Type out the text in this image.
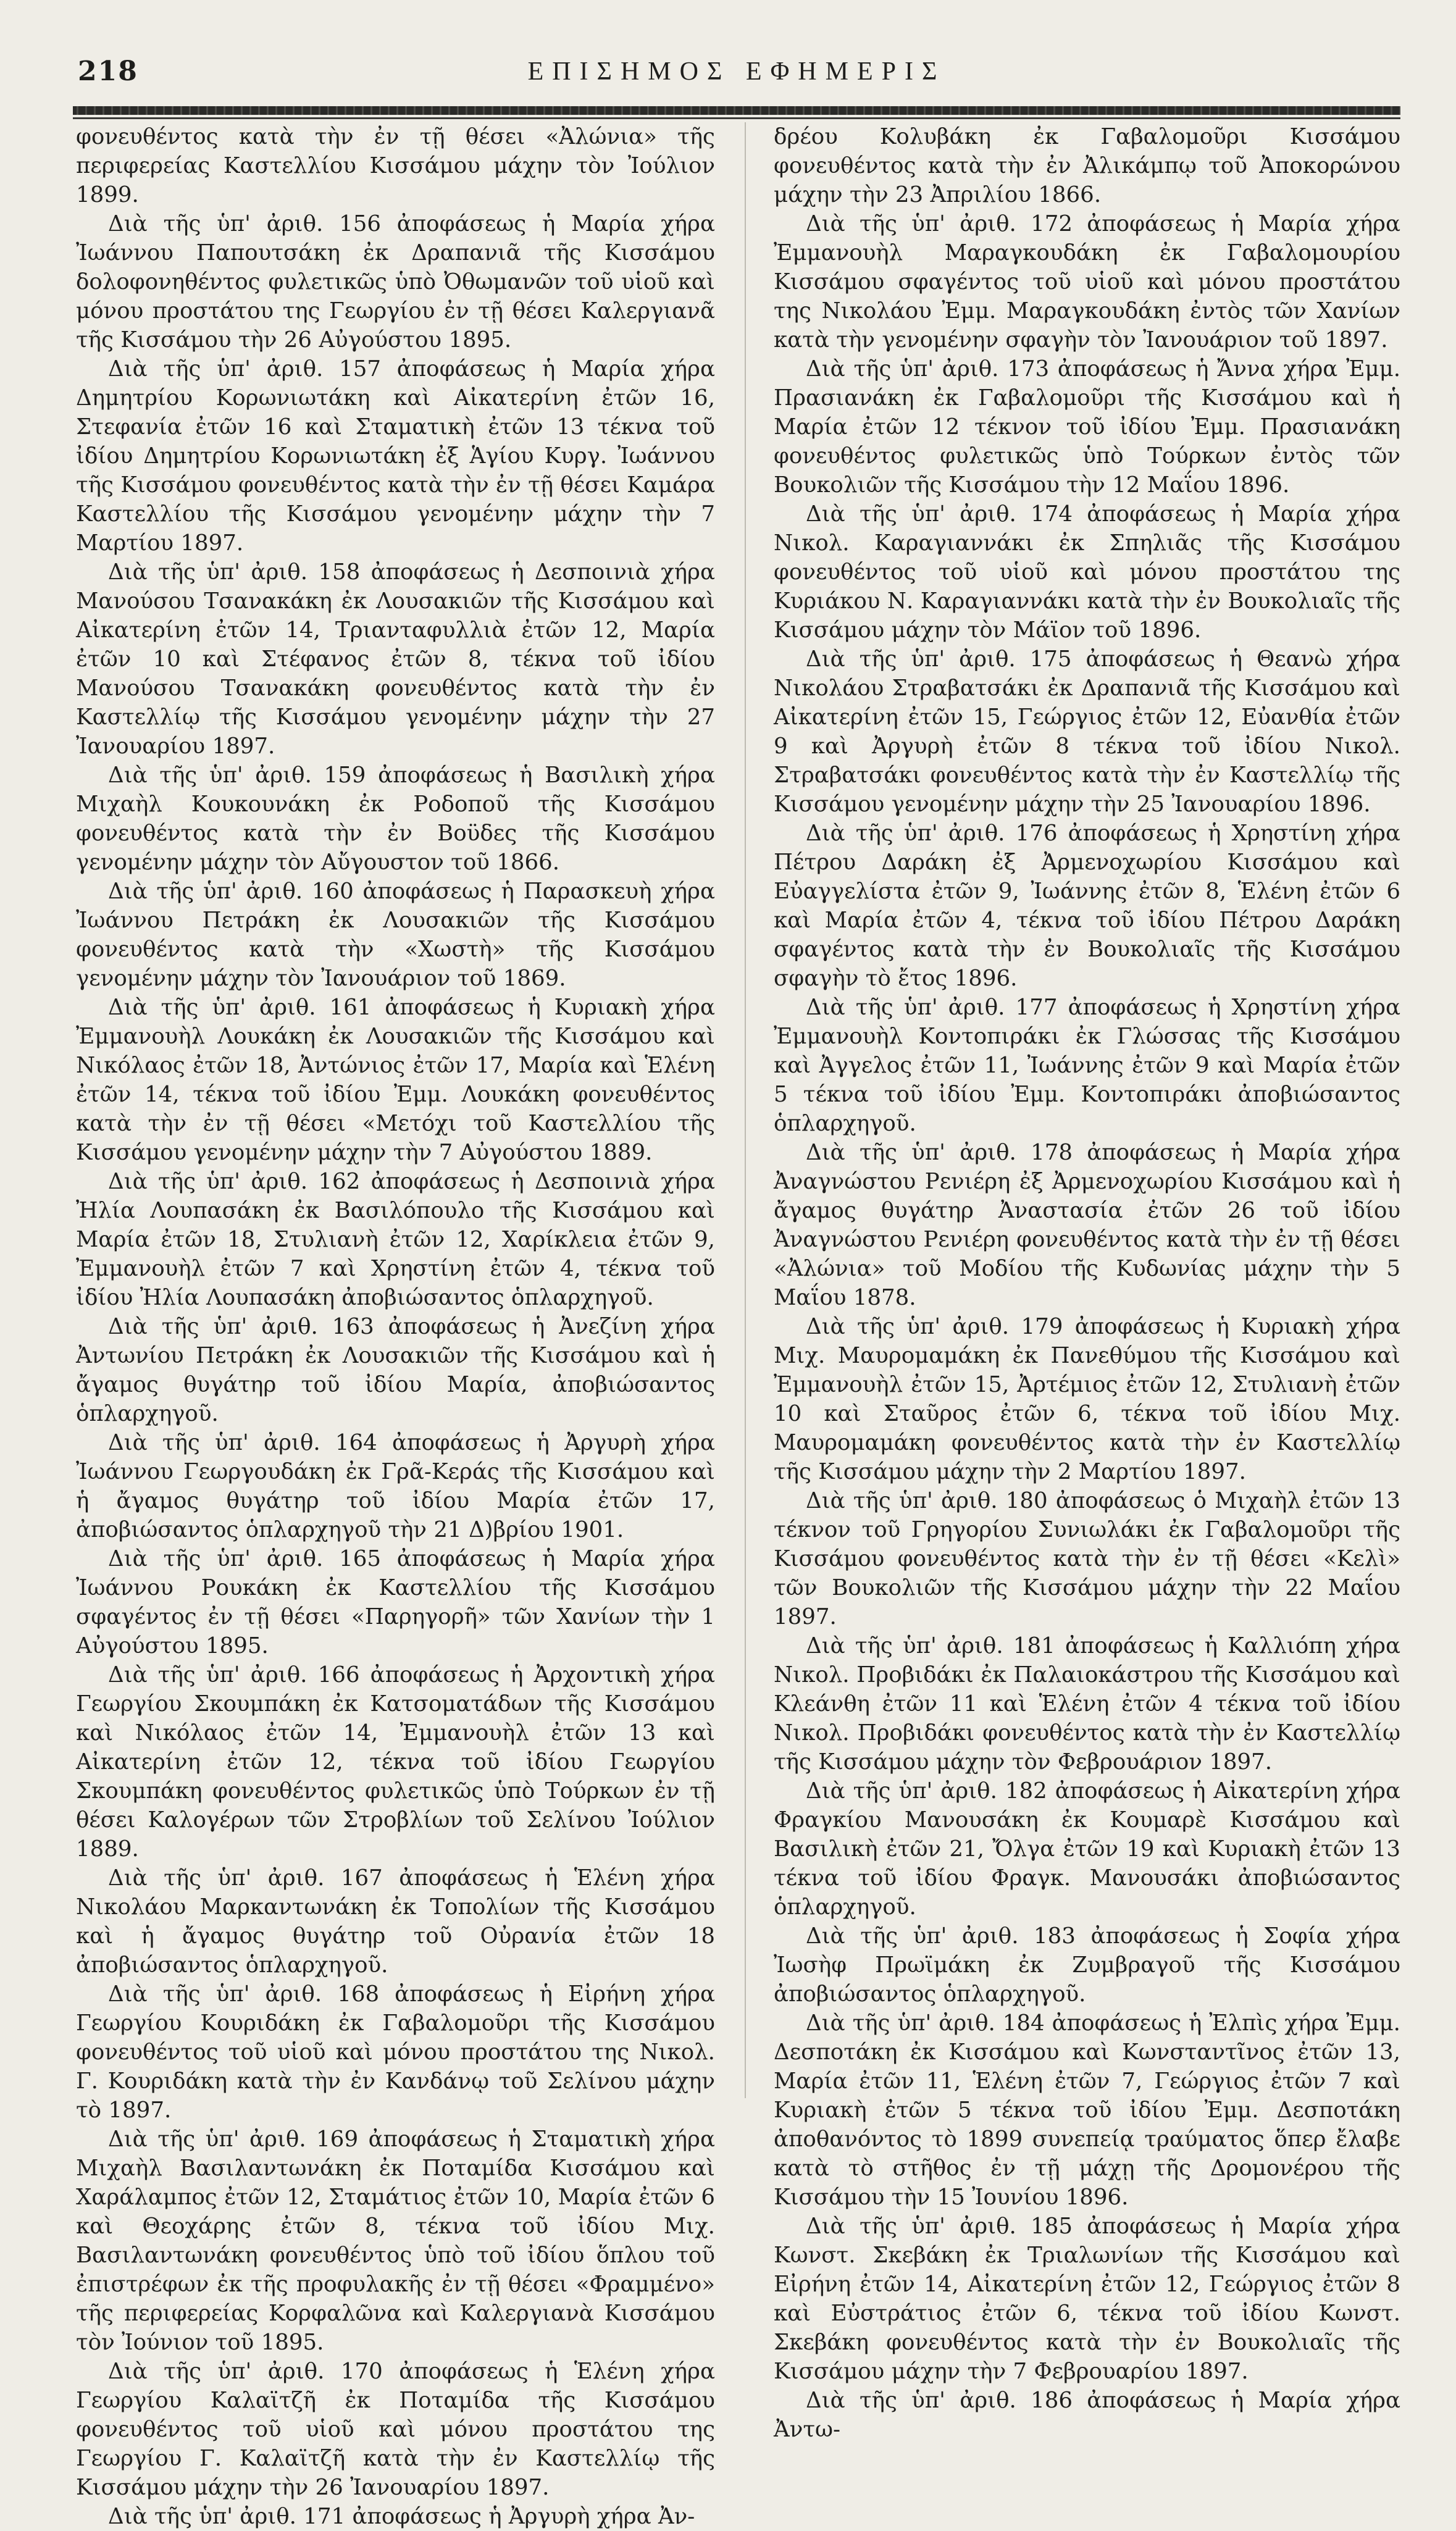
218	ΕΠΙΣΗΜΟΣ ΕΦΗΜΕΡΙΣ

φονευθέντος κατὰ τὴν ἐν τῇ θέσει «Ἀλώνια» τῆς περιφερείας Καστελλίου Κισσάμου μάχην τὸν Ἰούλιον 1899.

Διὰ τῆς ὑπ' ἀριθ. 156 ἀποφάσεως ἡ Μαρία χήρα Ἰωάννου Παπουτσάκη ἐκ Δραπανιᾶ τῆς Κισσάμου δολοφονηθέντος φυλετικῶς ὑπὸ Ὀθωμανῶν τοῦ υἱοῦ καὶ μόνου προστάτου της Γεωργίου ἐν τῇ θέσει Καλεργιανᾶ τῆς Κισσάμου τὴν 26 Αὐγούστου 1895.

Διὰ τῆς ὑπ' ἀριθ. 157 ἀποφάσεως ἡ Μαρία χήρα Δημητρίου Κορωνιωτάκη καὶ Αἰκατερίνη ἐτῶν 16, Στεφανία ἐτῶν 16 καὶ Σταματικὴ ἐτῶν 13 τέκνα τοῦ ἰδίου Δημητρίου Κορωνιωτάκη ἐξ Ἁγίου Κυργ. Ἰωάννου τῆς Κισσάμου φονευθέντος κατὰ τὴν ἐν τῇ θέσει Καμάρα Καστελλίου τῆς Κισσάμου γενομένην μάχην τὴν 7 Μαρτίου 1897.

Διὰ τῆς ὑπ' ἀριθ. 158 ἀποφάσεως ἡ Δεσποινιὰ χήρα Μανούσου Τσανακάκη ἐκ Λουσακιῶν τῆς Κισσάμου καὶ Αἰκατερίνη ἐτῶν 14, Τριανταφυλλιὰ ἐτῶν 12, Μαρία ἐτῶν 10 καὶ Στέφανος ἐτῶν 8, τέκνα τοῦ ἰδίου Μανούσου Τσανακάκη φονευθέντος κατὰ τὴν ἐν Καστελλίῳ τῆς Κισσάμου γενομένην μάχην τὴν 27 Ἰανουαρίου 1897.

Διὰ τῆς ὑπ' ἀριθ. 159 ἀποφάσεως ἡ Βασιλικὴ χήρα Μιχαὴλ Κουκουνάκη ἐκ Ροδοποῦ τῆς Κισσάμου φονευθέντος κατὰ τὴν ἐν Βοϋδες τῆς Κισσάμου γενομένην μάχην τὸν Αὔγουστον τοῦ 1866.

Διὰ τῆς ὑπ' ἀριθ. 160 ἀποφάσεως ἡ Παρασκευὴ χήρα Ἰωάννου Πετράκη ἐκ Λουσακιῶν τῆς Κισσάμου φονευθέντος κατὰ τὴν «Χωστὴ» τῆς Κισσάμου γενομένην μάχην τὸν Ἰανουάριον τοῦ 1869.

Διὰ τῆς ὑπ' ἀριθ. 161 ἀποφάσεως ἡ Κυριακὴ χήρα Ἐμμανουὴλ Λουκάκη ἐκ Λουσακιῶν τῆς Κισσάμου καὶ Νικόλαος ἐτῶν 18, Ἀντώνιος ἐτῶν 17, Μαρία καὶ Ἑλένη ἐτῶν 14, τέκνα τοῦ ἰδίου Ἐμμ. Λουκάκη φονευθέντος κατὰ τὴν ἐν τῇ θέσει «Μετόχι τοῦ Καστελλίου τῆς Κισσάμου γενομένην μάχην τὴν 7 Αὐγούστου 1889.

Διὰ τῆς ὑπ' ἀριθ. 162 ἀποφάσεως ἡ Δεσποινιὰ χήρα Ἠλία Λουπασάκη ἐκ Βασιλόπουλο τῆς Κισσάμου καὶ Μαρία ἐτῶν 18, Στυλιανὴ ἐτῶν 12, Χαρίκλεια ἐτῶν 9, Ἐμμανουὴλ ἐτῶν 7 καὶ Χρηστίνη ἐτῶν 4, τέκνα τοῦ ἰδίου Ἠλία Λουπασάκη ἀποβιώσαντος ὁπλαρχηγοῦ.

Διὰ τῆς ὑπ' ἀριθ. 163 ἀποφάσεως ἡ Ἀνεζίνη χήρα Ἀντωνίου Πετράκη ἐκ Λουσακιῶν τῆς Κισσάμου καὶ ἡ ἄγαμος θυγάτηρ τοῦ ἰδίου Μαρία, ἀποβιώσαντος ὁπλαρχηγοῦ.

Διὰ τῆς ὑπ' ἀριθ. 164 ἀποφάσεως ἡ Ἀργυρὴ χήρα Ἰωάννου Γεωργουδάκη ἐκ Γρᾶ-Κεράς τῆς Κισσάμου καὶ ἡ ἄγαμος θυγάτηρ τοῦ ἰδίου Μαρία ἐτῶν 17, ἀποβιώσαντος ὁπλαρχηγοῦ τὴν 21 Δ)βρίου 1901.

Διὰ τῆς ὑπ' ἀριθ. 165 ἀποφάσεως ἡ Μαρία χήρα Ἰωάννου Ρουκάκη ἐκ Καστελλίου τῆς Κισσάμου σφαγέντος ἐν τῇ θέσει «Παρηγορῆ» τῶν Χανίων τὴν 1 Αὐγούστου 1895.

Διὰ τῆς ὑπ' ἀριθ. 166 ἀποφάσεως ἡ Ἀρχοντικὴ χήρα Γεωργίου Σκουμπάκη ἐκ Κατσοματάδων τῆς Κισσάμου καὶ Νικόλαος ἐτῶν 14, Ἐμμανουὴλ ἐτῶν 13 καὶ Αἰκατερίνη ἐτῶν 12, τέκνα τοῦ ἰδίου Γεωργίου Σκουμπάκη φονευθέντος φυλετικῶς ὑπὸ Τούρκων ἐν τῇ θέσει Καλογέρων τῶν Στροβλίων τοῦ Σελίνου Ἰούλιον 1889.

Διὰ τῆς ὑπ' ἀριθ. 167 ἀποφάσεως ἡ Ἑλένη χήρα Νικολάου Μαρκαντωνάκη ἐκ Τοπολίων τῆς Κισσάμου καὶ ἡ ἄγαμος θυγάτηρ τοῦ Οὐρανία ἐτῶν 18 ἀποβιώσαντος ὁπλαρχηγοῦ.

Διὰ τῆς ὑπ' ἀριθ. 168 ἀποφάσεως ἡ Εἰρήνη χήρα Γεωργίου Κουριδάκη ἐκ Γαβαλομοῦρι τῆς Κισσάμου φονευθέντος τοῦ υἱοῦ καὶ μόνου προστάτου της Νικολ. Γ. Κουριδάκη κατὰ τὴν ἐν Κανδάνῳ τοῦ Σελίνου μάχην τὸ 1897.

Διὰ τῆς ὑπ' ἀριθ. 169 ἀποφάσεως ἡ Σταματικὴ χήρα Μιχαὴλ Βασιλαντωνάκη ἐκ Ποταμίδα Κισσάμου καὶ Χαράλαμπος ἐτῶν 12, Σταμάτιος ἐτῶν 10, Μαρία ἐτῶν 6 καὶ Θεοχάρης ἐτῶν 8, τέκνα τοῦ ἰδίου Μιχ. Βασιλαντωνάκη φονευθέντος ὑπὸ τοῦ ἰδίου ὅπλου τοῦ ἐπιστρέφων ἐκ τῆς προφυλακῆς ἐν τῇ θέσει «Φραμμένο» τῆς περιφερείας Κορφαλῶνα καὶ Καλεργιανὰ Κισσάμου τὸν Ἰούνιον τοῦ 1895.

Διὰ τῆς ὑπ' ἀριθ. 170 ἀποφάσεως ἡ Ἑλένη χήρα Γεωργίου Καλαϊτζῆ ἐκ Ποταμίδα τῆς Κισσάμου φονευθέντος τοῦ υἱοῦ καὶ μόνου προστάτου της Γεωργίου Γ. Καλαϊτζῆ κατὰ τὴν ἐν Καστελλίῳ τῆς Κισσάμου μάχην τὴν 26 Ἰανουαρίου 1897.

Διὰ τῆς ὑπ' ἀριθ. 171 ἀποφάσεως ἡ Ἀργυρὴ χήρα Ἀν-

δρέου Κολυβάκη ἐκ Γαβαλομοῦρι Κισσάμου φονευθέντος κατὰ τὴν ἐν Ἀλικάμπῳ τοῦ Ἀποκορώνου μάχην τὴν 23 Ἀπριλίου 1866.

Διὰ τῆς ὑπ' ἀριθ. 172 ἀποφάσεως ἡ Μαρία χήρα Ἐμμανουὴλ Μαραγκουδάκη ἐκ Γαβαλομουρίου Κισσάμου σφαγέντος τοῦ υἱοῦ καὶ μόνου προστάτου της Νικολάου Ἐμμ. Μαραγκουδάκη ἐντὸς τῶν Χανίων κατὰ τὴν γενομένην σφαγὴν τὸν Ἰανουάριον τοῦ 1897.

Διὰ τῆς ὑπ' ἀριθ. 173 ἀποφάσεως ἡ Ἄννα χήρα Ἐμμ. Πρασιανάκη ἐκ Γαβαλομοῦρι τῆς Κισσάμου καὶ ἡ Μαρία ἐτῶν 12 τέκνον τοῦ ἰδίου Ἐμμ. Πρασιανάκη φονευθέντος φυλετικῶς ὑπὸ Τούρκων ἐντὸς τῶν Βουκολιῶν τῆς Κισσάμου τὴν 12 Μαΐου 1896.

Διὰ τῆς ὑπ' ἀριθ. 174 ἀποφάσεως ἡ Μαρία χήρα Νικολ. Καραγιαννάκι ἐκ Σπηλιᾶς τῆς Κισσάμου φονευθέντος τοῦ υἱοῦ καὶ μόνου προστάτου της Κυριάκου Ν. Καραγιαννάκι κατὰ τὴν ἐν Βουκολιαῖς τῆς Κισσάμου μάχην τὸν Μάϊον τοῦ 1896.

Διὰ τῆς ὑπ' ἀριθ. 175 ἀποφάσεως ἡ Θεανὼ χήρα Νικολάου Στραβατσάκι ἐκ Δραπανιᾶ τῆς Κισσάμου καὶ Αἰκατερίνη ἐτῶν 15, Γεώργιος ἐτῶν 12, Εὐανθία ἐτῶν 9 καὶ Ἀργυρὴ ἐτῶν 8 τέκνα τοῦ ἰδίου Νικολ. Στραβατσάκι φονευθέντος κατὰ τὴν ἐν Καστελλίῳ τῆς Κισσάμου γενομένην μάχην τὴν 25 Ἰανουαρίου 1896.

Διὰ τῆς ὑπ' ἀριθ. 176 ἀποφάσεως ἡ Χρηστίνη χήρα Πέτρου Δαράκη ἐξ Ἀρμενοχωρίου Κισσάμου καὶ Εὐαγγελίστα ἐτῶν 9, Ἰωάννης ἐτῶν 8, Ἑλένη ἐτῶν 6 καὶ Μαρία ἐτῶν 4, τέκνα τοῦ ἰδίου Πέτρου Δαράκη σφαγέντος κατὰ τὴν ἐν Βουκολιαῖς τῆς Κισσάμου σφαγὴν τὸ ἔτος 1896.

Διὰ τῆς ὑπ' ἀριθ. 177 ἀποφάσεως ἡ Χρηστίνη χήρα Ἐμμανουὴλ Κοντοπιράκι ἐκ Γλώσσας τῆς Κισσάμου καὶ Ἀγγελος ἐτῶν 11, Ἰωάννης ἐτῶν 9 καὶ Μαρία ἐτῶν 5 τέκνα τοῦ ἰδίου Ἐμμ. Κοντοπιράκι ἀποβιώσαντος ὁπλαρχηγοῦ.

Διὰ τῆς ὑπ' ἀριθ. 178 ἀποφάσεως ἡ Μαρία χήρα Ἀναγνώστου Ρενιέρη ἐξ Ἀρμενοχωρίου Κισσάμου καὶ ἡ ἄγαμος θυγάτηρ Ἀναστασία ἐτῶν 26 τοῦ ἰδίου Ἀναγνώστου Ρενιέρη φονευθέντος κατὰ τὴν ἐν τῇ θέσει «Ἀλώνια» τοῦ Μοδίου τῆς Κυδωνίας μάχην τὴν 5 Μαΐου 1878.

Διὰ τῆς ὑπ' ἀριθ. 179 ἀποφάσεως ἡ Κυριακὴ χήρα Μιχ. Μαυρομαμάκη ἐκ Πανεθύμου τῆς Κισσάμου καὶ Ἐμμανουὴλ ἐτῶν 15, Ἀρτέμιος ἐτῶν 12, Στυλιανὴ ἐτῶν 10 καὶ Σταῦρος ἐτῶν 6, τέκνα τοῦ ἰδίου Μιχ. Μαυρομαμάκη φονευθέντος κατὰ τὴν ἐν Καστελλίῳ τῆς Κισσάμου μάχην τὴν 2 Μαρτίου 1897.

Διὰ τῆς ὑπ' ἀριθ. 180 ἀποφάσεως ὁ Μιχαὴλ ἐτῶν 13 τέκνον τοῦ Γρηγορίου Συνιωλάκι ἐκ Γαβαλομοῦρι τῆς Κισσάμου φονευθέντος κατὰ τὴν ἐν τῇ θέσει «Κελὶ» τῶν Βουκολιῶν τῆς Κισσάμου μάχην τὴν 22 Μαΐου 1897.

Διὰ τῆς ὑπ' ἀριθ. 181 ἀποφάσεως ἡ Καλλιόπη χήρα Νικολ. Προβιδάκι ἐκ Παλαιοκάστρου τῆς Κισσάμου καὶ Κλεάνθη ἐτῶν 11 καὶ Ἑλένη ἐτῶν 4 τέκνα τοῦ ἰδίου Νικολ. Προβιδάκι φονευθέντος κατὰ τὴν ἐν Καστελλίῳ τῆς Κισσάμου μάχην τὸν Φεβρουάριον 1897.

Διὰ τῆς ὑπ' ἀριθ. 182 ἀποφάσεως ἡ Αἰκατερίνη χήρα Φραγκίου Μανουσάκη ἐκ Κουμαρὲ Κισσάμου καὶ Βασιλικὴ ἐτῶν 21, Ὄλγα ἐτῶν 19 καὶ Κυριακὴ ἐτῶν 13 τέκνα τοῦ ἰδίου Φραγκ. Μανουσάκι ἀποβιώσαντος ὁπλαρχηγοῦ.

Διὰ τῆς ὑπ' ἀριθ. 183 ἀποφάσεως ἡ Σοφία χήρα Ἰωσὴφ Πρωϊμάκη ἐκ Ζυμβραγοῦ τῆς Κισσάμου ἀποβιώσαντος ὁπλαρχηγοῦ.

Διὰ τῆς ὑπ' ἀριθ. 184 ἀποφάσεως ἡ Ἐλπὶς χήρα Ἐμμ. Δεσποτάκη ἐκ Κισσάμου καὶ Κωνσταντῖνος ἐτῶν 13, Μαρία ἐτῶν 11, Ἑλένη ἐτῶν 7, Γεώργιος ἐτῶν 7 καὶ Κυριακὴ ἐτῶν 5 τέκνα τοῦ ἰδίου Ἐμμ. Δεσποτάκη ἀποθανόντος τὸ 1899 συνεπείᾳ τραύματος ὅπερ ἔλαβε κατὰ τὸ στῆθος ἐν τῇ μάχῃ τῆς Δρομονέρου τῆς Κισσάμου τὴν 15 Ἰουνίου 1896.

Διὰ τῆς ὑπ' ἀριθ. 185 ἀποφάσεως ἡ Μαρία χήρα Κωνστ. Σκεβάκη ἐκ Τριαλωνίων τῆς Κισσάμου καὶ Εἰρήνη ἐτῶν 14, Αἰκατερίνη ἐτῶν 12, Γεώργιος ἐτῶν 8 καὶ Εὐστράτιος ἐτῶν 6, τέκνα τοῦ ἰδίου Κωνστ. Σκεβάκη φονευθέντος κατὰ τὴν ἐν Βουκολιαῖς τῆς Κισσάμου μάχην τὴν 7 Φεβρουαρίου 1897.

Διὰ τῆς ὑπ' ἀριθ. 186 ἀποφάσεως ἡ Μαρία χήρα Ἀντω-
